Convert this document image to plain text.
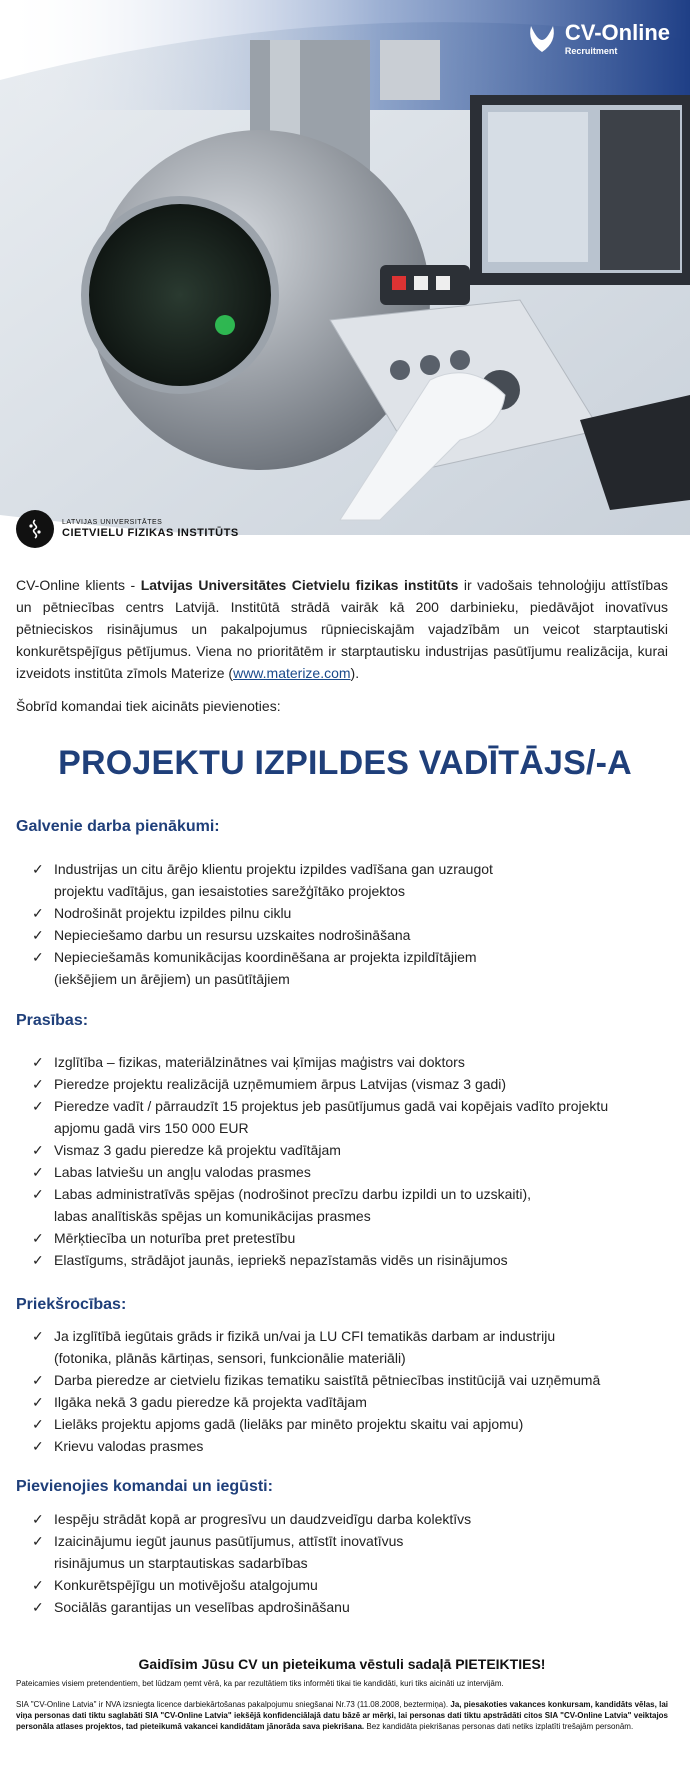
CV-Online
Recruitment
LATVIJAS UNIVERSITĀTES
CIETVIELU FIZIKAS INSTITŪTS
CV-Online klients - Latvijas Universitātes Cietvielu fizikas institūts ir vadošais tehnoloģiju attīstības un pētniecības centrs Latvijā. Institūtā strādā vairāk kā 200 darbinieku, piedāvājot inovatīvus pētnieciskos risinājumus un pakalpojumus rūpnieciskajām vajadzībām un veicot starptautiski konkurētspējīgus pētījumus. Viena no prioritātēm ir starptautisku industrijas pasūtījumu realizācija, kurai izveidots institūta zīmols Materize (www.materize.com).
Šobrīd komandai tiek aicināts pievienoties:
PROJEKTU IZPILDES VADĪTĀJS/-A
Galvenie darba pienākumi:
✓ Industrijas un citu ārējo klientu projektu izpildes vadīšana gan uzraugot
projektu vadītājus, gan iesaistoties sarežģītāko projektos
✓ Nodrošināt projektu izpildes pilnu ciklu
✓ Nepieciešamo darbu un resursu uzskaites nodrošināšana
✓ Nepieciešamās komunikācijas koordinēšana ar projekta izpildītājiem
(iekšējiem un ārējiem) un pasūtītājiem
Prasības:
✓ Izglītība – fizikas, materiālzinātnes vai ķīmijas maģistrs vai doktors
✓ Pieredze projektu realizācijā uzņēmumiem ārpus Latvijas (vismaz 3 gadi)
✓ Pieredze vadīt / pārraudzīt 15 projektus jeb pasūtījumus gadā vai kopējais vadīto projektu
apjomu gadā virs 150 000 EUR
✓ Vismaz 3 gadu pieredze kā projektu vadītājam
✓ Labas latviešu un angļu valodas prasmes
✓ Labas administratīvās spējas (nodrošinot precīzu darbu izpildi un to uzskaiti),
labas analītiskās spējas un komunikācijas prasmes
✓ Mērķtiecība un noturība pret pretestību
✓ Elastīgums, strādājot jaunās, iepriekš nepazīstamās vidēs un risinājumos
Priekšrocības:
✓ Ja izglītībā iegūtais grāds ir fizikā un/vai ja LU CFI tematikās darbam ar industriju
(fotonika, plānās kārtiņas, sensori, funkcionālie materiāli)
✓ Darba pieredze ar cietvielu fizikas tematiku saistītā pētniecības institūcijā vai uzņēmumā
✓ Ilgāka nekā 3 gadu pieredze kā projekta vadītājam
✓ Lielāks projektu apjoms gadā (lielāks par minēto projektu skaitu vai apjomu)
✓ Krievu valodas prasmes
Pievienojies komandai un iegūsti:
✓ Iespēju strādāt kopā ar progresīvu un daudzveidīgu darba kolektīvs
✓ Izaicinājumu iegūt jaunus pasūtījumus, attīstīt inovatīvus
risinājumus un starptautiskas sadarbības
✓ Konkurētspējīgu un motivējošu atalgojumu
✓ Sociālās garantijas un veselības apdrošināšanu
Gaidīsim Jūsu CV un pieteikuma vēstuli sadaļā PIETEIKTIES!
Pateicamies visiem pretendentiem, bet lūdzam ņemt vērā, ka par rezultātiem tiks informēti tikai tie kandidāti, kuri tiks aicināti uz intervijām.
SIA "CV-Online Latvia" ir NVA izsniegta licence darbiekārtošanas pakalpojumu sniegšanai Nr.73 (11.08.2008, beztermiņa). Ja, piesakoties vakances konkursam, kandidāts vēlas, lai viņa personas dati tiktu saglabāti SIA "CV-Online Latvia" iekšējā konfidenciālajā datu bāzē ar mērķi, lai personas dati tiktu apstrādāti citos SIA "CV-Online Latvia" veiktajos personāla atlases projektos, tad pieteikumā vakancei kandidātam jānorāda sava piekrišana. Bez kandidāta piekrišanas personas dati netiks izplatīti trešajām personām.
